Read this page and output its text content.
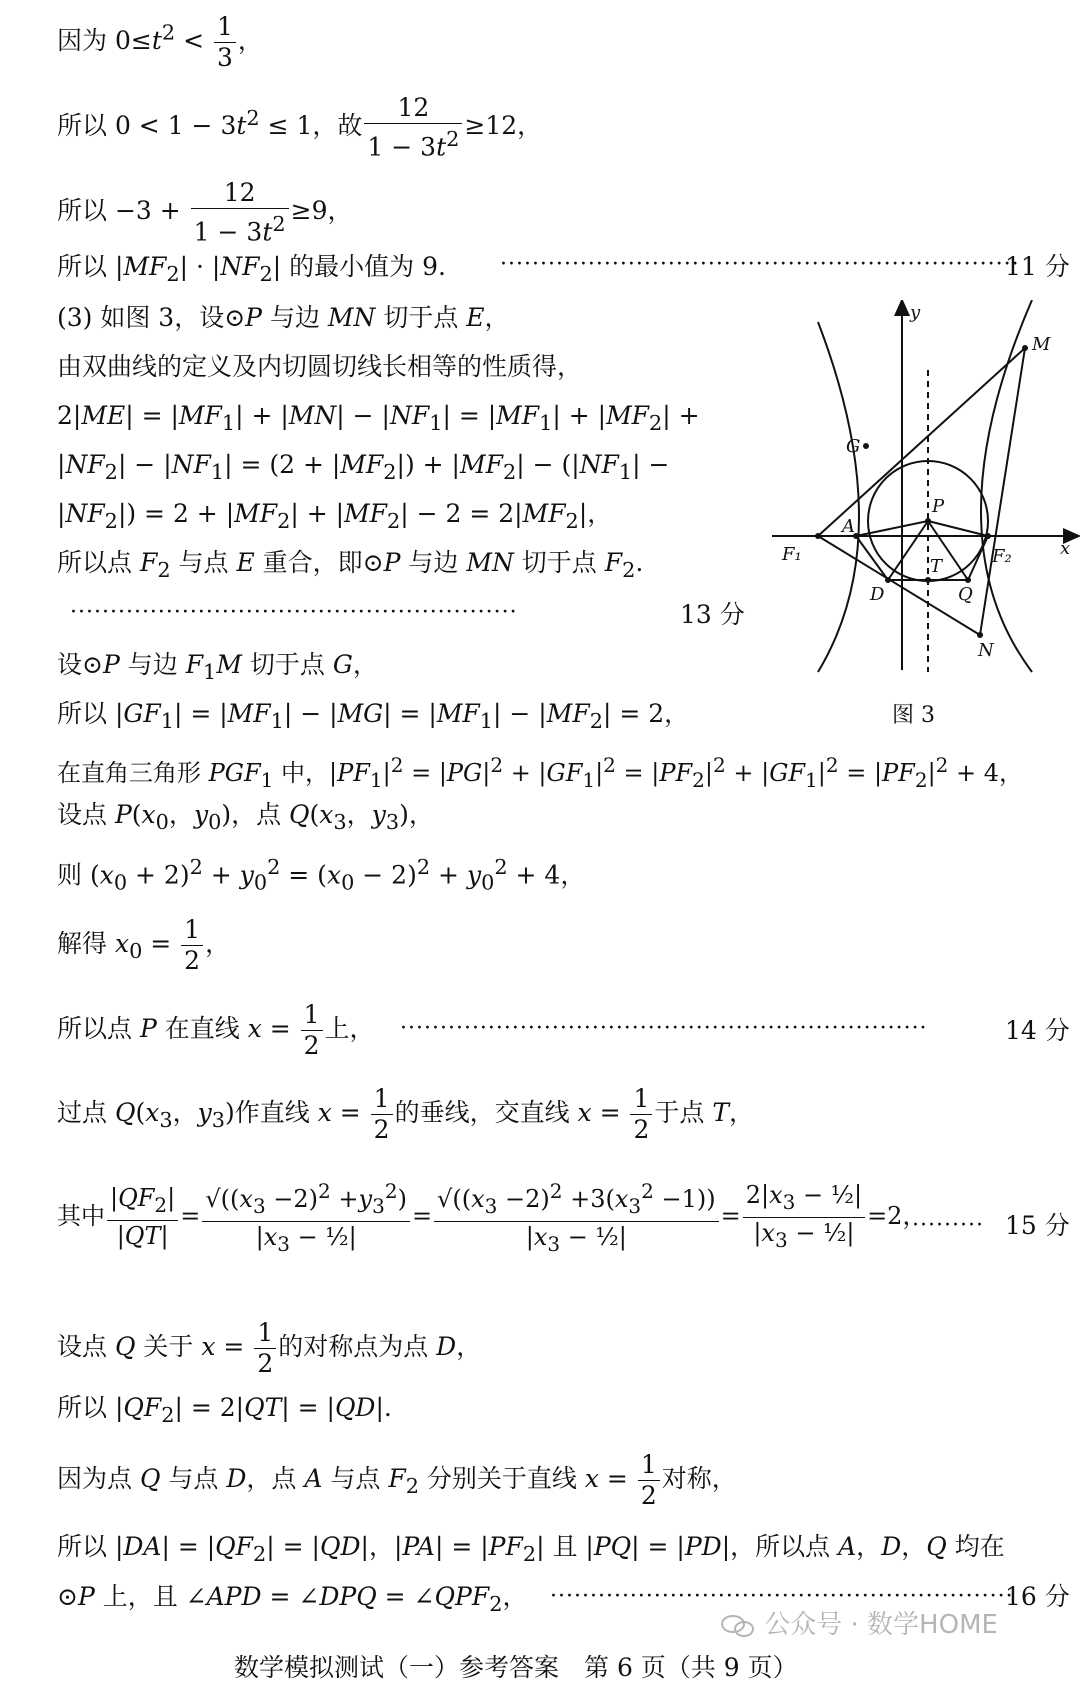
因为 $0\le t^2 < \frac{1}{3}$ ，
所以 $0 < 1 - 3t^2 \le 1$，故 $\frac{12}{1 - 3t^2} \ge 12$，
所以 $-3 + \frac{12}{1 - 3t^2} \ge 9$，
所以 $|MF_2| \cdot |NF_2|$ 的最小值为 9. ·································································
11 分
(3) 如图 3，设⊙P 与边 MN 切于点 E，
由双曲线的定义及内切圆切线长相等的性质得，
$2|ME| = |MF_1| + |MN| - |NF_1| = |MF_1| + |MF_2|$ +
$|NF_2| - |NF_1| = (2 + |MF_2|) + |MF_2| - (|NF_1|$ −
$|NF_2|) = 2 + |MF_2| + |MF_2| - 2 = 2|MF_2|$，
所以点 $F_2$ 与点 E 重合，即⊙P 与边 MN 切于点 $F_2$.
························································	13 分
设⊙P 与边 $F_1M$ 切于点 G，
所以 $|GF_1| = |MF_1| - |MG| = |MF_1| - |MF_2| = 2$，
在直角三角形 $PGF_1$ 中，$|PF_1|^2 = |PG|^2 + |GF_1|^2 = |PF_2|^2 + |GF_1|^2 = |PF_2|^2 + 4$，
设点 $P(x_0$，$y_0$)，点 $Q(x_3$，$y_3$)，
则 $(x_0 + 2)^2 + y_0^2 = (x_0 - 2)^2 + y_0^2 + 4$，
解得 $x_0 = \frac{1}{2}$ ，
所以点 P 在直线 $x = \frac{1}{2}$ 上， ··································································	14 分
过点 $Q(x_3$，$y_3$)作直线 $x = \frac{1}{2}$ 的垂线，交直线 $x = \frac{1}{2}$ 于点 T，
其中 $\frac{|QF_2|}{|QT|} = \frac{√((x_3 -2)^2 +y_3^2)}{|x_3 - \frac{1}{2}|} = \frac{√((x_3 -2)^2 +3(x_3^2 -1))}{|x_3 - \frac{1}{2}|} = \frac{2|x_3 - \frac{1}{2}|}{|x_3 - \frac{1}{2}|} =2$，
········· 15 分
设点 Q 关于 $x = \frac{1}{2}$ 的对称点为点 D，
所以 $|QF_2| = 2|QT| = |QD|$.
因为点 Q 与点 D，点 A 与点 $F_2$ 分别关于直线 $x = \frac{1}{2}$ 对称，
所以 $|DA| = |QF_2| = |QD|$，$|PA| = |PF_2|$ 且 |PQ| = |PD|，所以点 A，D，Q 均在
⊙P 上，且 ∠APD = ∠DPQ = $\angle QPF_2$， ··························································
16 分
y
x
M
G
P
A
F₁	F₂
T
D	Q
N
图 3
公众号 · 数学HOME
数学模拟测试（一）参考答案　第 6 页（共 9 页）
